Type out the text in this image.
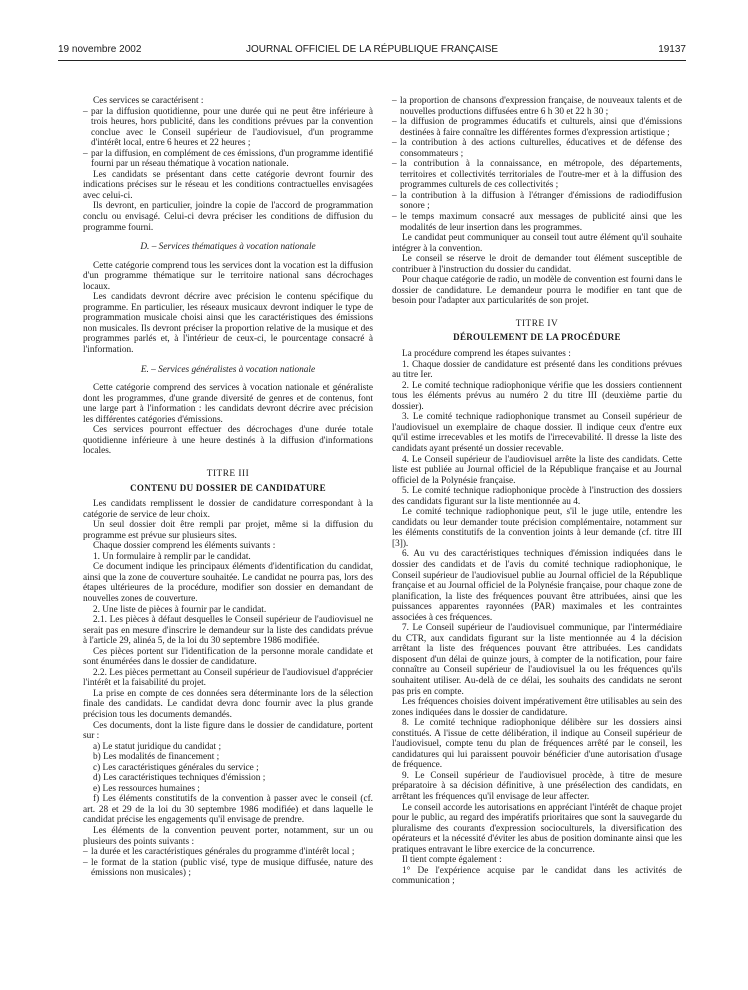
19 novembre 2002	JOURNAL OFFICIEL DE LA RÉPUBLIQUE FRANÇAISE	19137

Ces services se caractérisent :

– par la diffusion quotidienne, pour une durée qui ne peut être inférieure à trois heures, hors publicité, dans les conditions prévues par la convention conclue avec le Conseil supérieur de l'audiovisuel, d'un programme d'intérêt local, entre 6 heures et 22 heures ;

– par la diffusion, en complément de ces émissions, d'un programme identifié fourni par un réseau thématique à vocation nationale.

Les candidats se présentant dans cette catégorie devront fournir des indications précises sur le réseau et les conditions contractuelles envisagées avec celui-ci.

Ils devront, en particulier, joindre la copie de l'accord de programmation conclu ou envisagé. Celui-ci devra préciser les conditions de diffusion du programme fourni.

D. – Services thématiques à vocation nationale

Cette catégorie comprend tous les services dont la vocation est la diffusion d'un programme thématique sur le territoire national sans décrochages locaux.

Les candidats devront décrire avec précision le contenu spécifique du programme. En particulier, les réseaux musicaux devront indiquer le type de programmation musicale choisi ainsi que les caractéristiques des émissions non musicales. Ils devront préciser la proportion relative de la musique et des programmes parlés et, à l'intérieur de ceux-ci, le pourcentage consacré à l'information.

E. – Services généralistes à vocation nationale

Cette catégorie comprend des services à vocation nationale et généraliste dont les programmes, d'une grande diversité de genres et de contenus, font une large part à l'information : les candidats devront décrire avec précision les différentes catégories d'émissions.

Ces services pourront effectuer des décrochages d'une durée totale quotidienne inférieure à une heure destinés à la diffusion d'informations locales.

TITRE III

CONTENU DU DOSSIER DE CANDIDATURE

Les candidats remplissent le dossier de candidature correspondant à la catégorie de service de leur choix.

Un seul dossier doit être rempli par projet, même si la diffusion du programme est prévue sur plusieurs sites.

Chaque dossier comprend les éléments suivants :

1. Un formulaire à remplir par le candidat.

Ce document indique les principaux éléments d'identification du candidat, ainsi que la zone de couverture souhaitée. Le candidat ne pourra pas, lors des étapes ultérieures de la procédure, modifier son dossier en demandant de nouvelles zones de couverture.

2. Une liste de pièces à fournir par le candidat.

2.1. Les pièces à défaut desquelles le Conseil supérieur de l'audiovisuel ne serait pas en mesure d'inscrire le demandeur sur la liste des candidats prévue à l'article 29, alinéa 5, de la loi du 30 septembre 1986 modifiée.

Ces pièces portent sur l'identification de la personne morale candidate et sont énumérées dans le dossier de candidature.

2.2. Les pièces permettant au Conseil supérieur de l'audiovisuel d'apprécier l'intérêt et la faisabilité du projet.

La prise en compte de ces données sera déterminante lors de la sélection finale des candidats. Le candidat devra donc fournir avec la plus grande précision tous les documents demandés.

Ces documents, dont la liste figure dans le dossier de candidature, portent sur :

a) Le statut juridique du candidat ;

b) Les modalités de financement ;

c) Les caractéristiques générales du service ;

d) Les caractéristiques techniques d'émission ;

e) Les ressources humaines ;

f) Les éléments constitutifs de la convention à passer avec le conseil (cf. art. 28 et 29 de la loi du 30 septembre 1986 modifiée) et dans laquelle le candidat précise les engagements qu'il envisage de prendre.

Les éléments de la convention peuvent porter, notamment, sur un ou plusieurs des points suivants :

– la durée et les caractéristiques générales du programme d'intérêt local ;

– le format de la station (public visé, type de musique diffusée, nature des émissions non musicales) ;

– la proportion de chansons d'expression française, de nouveaux talents et de nouvelles productions diffusées entre 6 h 30 et 22 h 30 ;

– la diffusion de programmes éducatifs et culturels, ainsi que d'émissions destinées à faire connaître les différentes formes d'expression artistique ;

– la contribution à des actions culturelles, éducatives et de défense des consommateurs ;

– la contribution à la connaissance, en métropole, des départements, territoires et collectivités territoriales de l'outre-mer et à la diffusion des programmes culturels de ces collectivités ;

– la contribution à la diffusion à l'étranger d'émissions de radiodiffusion sonore ;

– le temps maximum consacré aux messages de publicité ainsi que les modalités de leur insertion dans les programmes.

Le candidat peut communiquer au conseil tout autre élément qu'il souhaite intégrer à la convention.

Le conseil se réserve le droit de demander tout élément susceptible de contribuer à l'instruction du dossier du candidat.

Pour chaque catégorie de radio, un modèle de convention est fourni dans le dossier de candidature. Le demandeur pourra le modifier en tant que de besoin pour l'adapter aux particularités de son projet.

TITRE IV

DÉROULEMENT DE LA PROCÉDURE

La procédure comprend les étapes suivantes :

1. Chaque dossier de candidature est présenté dans les conditions prévues au titre Ier.

2. Le comité technique radiophonique vérifie que les dossiers contiennent tous les éléments prévus au numéro 2 du titre III (deuxième partie du dossier).

3. Le comité technique radiophonique transmet au Conseil supérieur de l'audiovisuel un exemplaire de chaque dossier. Il indique ceux d'entre eux qu'il estime irrecevables et les motifs de l'irrecevabilité. Il dresse la liste des candidats ayant présenté un dossier recevable.

4. Le Conseil supérieur de l'audiovisuel arrête la liste des candidats. Cette liste est publiée au Journal officiel de la République française et au Journal officiel de la Polynésie française.

5. Le comité technique radiophonique procède à l'instruction des dossiers des candidats figurant sur la liste mentionnée au 4.

Le comité technique radiophonique peut, s'il le juge utile, entendre les candidats ou leur demander toute précision complémentaire, notamment sur les éléments constitutifs de la convention joints à leur demande (cf. titre III [3]).

6. Au vu des caractéristiques techniques d'émission indiquées dans le dossier des candidats et de l'avis du comité technique radiophonique, le Conseil supérieur de l'audiovisuel publie au Journal officiel de la République française et au Journal officiel de la Polynésie française, pour chaque zone de planification, la liste des fréquences pouvant être attribuées, ainsi que les puissances apparentes rayonnées (PAR) maximales et les contraintes associées à ces fréquences.

7. Le Conseil supérieur de l'audiovisuel communique, par l'intermédiaire du CTR, aux candidats figurant sur la liste mentionnée au 4 la décision arrêtant la liste des fréquences pouvant être attribuées. Les candidats disposent d'un délai de quinze jours, à compter de la notification, pour faire connaître au Conseil supérieur de l'audiovisuel la ou les fréquences qu'ils souhaitent utiliser. Au-delà de ce délai, les souhaits des candidats ne seront pas pris en compte.

Les fréquences choisies doivent impérativement être utilisables au sein des zones indiquées dans le dossier de candidature.

8. Le comité technique radiophonique délibère sur les dossiers ainsi constitués. A l'issue de cette délibération, il indique au Conseil supérieur de l'audiovisuel, compte tenu du plan de fréquences arrêté par le conseil, les candidatures qui lui paraissent pouvoir bénéficier d'une autorisation d'usage de fréquence.

9. Le Conseil supérieur de l'audiovisuel procède, à titre de mesure préparatoire à sa décision définitive, à une présélection des candidats, en arrêtant les fréquences qu'il envisage de leur affecter.

Le conseil accorde les autorisations en appréciant l'intérêt de chaque projet pour le public, au regard des impératifs prioritaires que sont la sauvegarde du pluralisme des courants d'expression socioculturels, la diversification des opérateurs et la nécessité d'éviter les abus de position dominante ainsi que les pratiques entravant le libre exercice de la concurrence.

Il tient compte également :

1° De l'expérience acquise par le candidat dans les activités de communication ;
